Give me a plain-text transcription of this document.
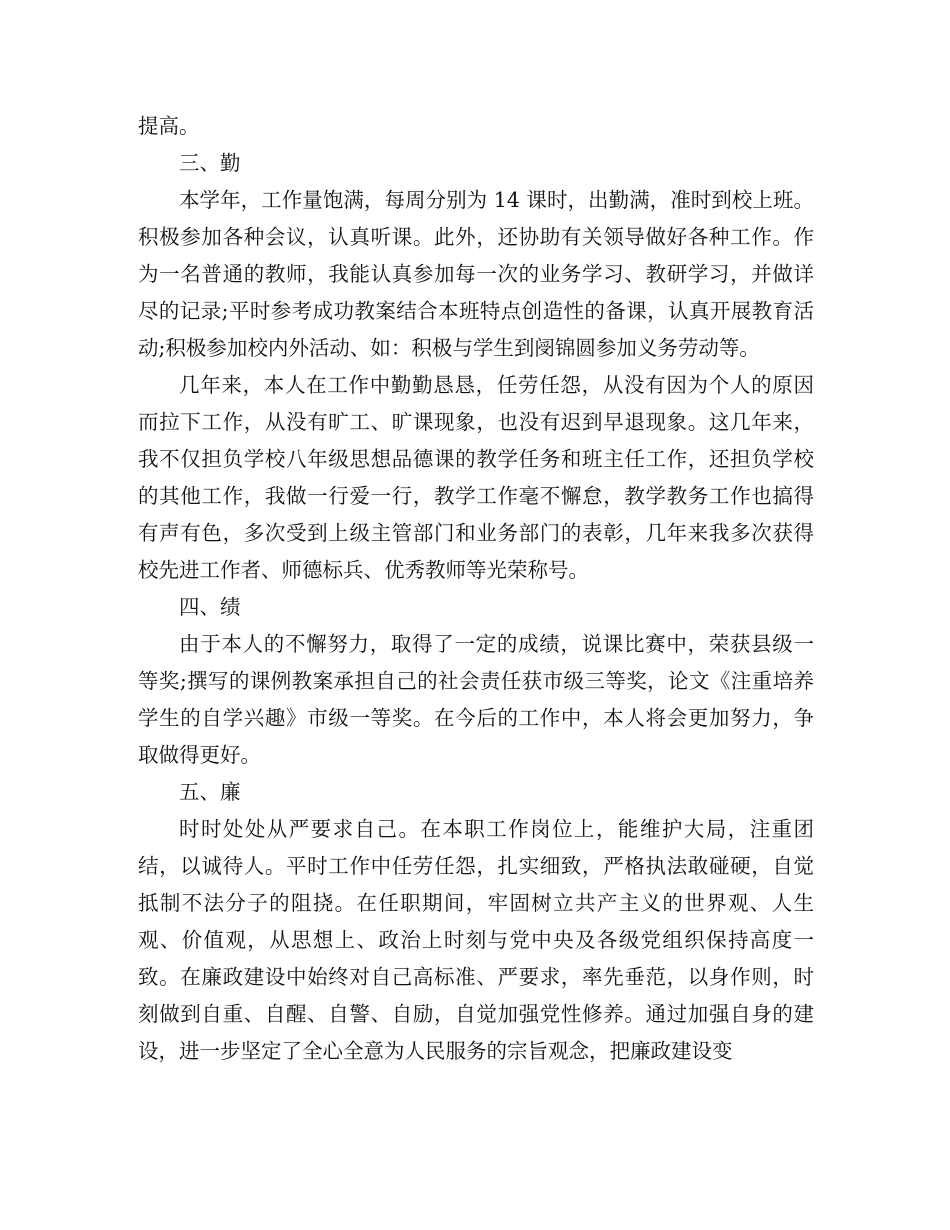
提高。

三、勤

本学年，工作量饱满，每周分别为 14 课时，出勤满，准时到校上班。积极参加各种会议，认真听课。此外，还协助有关领导做好各种工作。作为一名普通的教师，我能认真参加每一次的业务学习、教研学习，并做详尽的记录;平时参考成功教案结合本班特点创造性的备课，认真开展教育活动;积极参加校内外活动、如：积极与学生到阌锦圆参加义务劳动等。

几年来，本人在工作中勤勤恳恳，任劳任怨，从没有因为个人的原因而拉下工作，从没有旷工、旷课现象，也没有迟到早退现象。这几年来，我不仅担负学校八年级思想品德课的教学任务和班主任工作，还担负学校的其他工作，我做一行爱一行，教学工作毫不懈怠，教学教务工作也搞得有声有色，多次受到上级主管部门和业务部门的表彰，几年来我多次获得校先进工作者、师德标兵、优秀教师等光荣称号。

四、绩

由于本人的不懈努力，取得了一定的成绩，说课比赛中，荣获县级一等奖;撰写的课例教案承担自己的社会责任获市级三等奖，论文《注重培养学生的自学兴趣》市级一等奖。在今后的工作中，本人将会更加努力，争取做得更好。

五、廉

时时处处从严要求自己。在本职工作岗位上，能维护大局，注重团结，以诚待人。平时工作中任劳任怨，扎实细致，严格执法敢碰硬，自觉抵制不法分子的阻挠。在任职期间，牢固树立共产主义的世界观、人生观、价值观，从思想上、政治上时刻与党中央及各级党组织保持高度一致。在廉政建设中始终对自己高标准、严要求，率先垂范，以身作则，时刻做到自重、自醒、自警、自励，自觉加强党性修养。通过加强自身的建设，进一步坚定了全心全意为人民服务的宗旨观念，把廉政建设变
